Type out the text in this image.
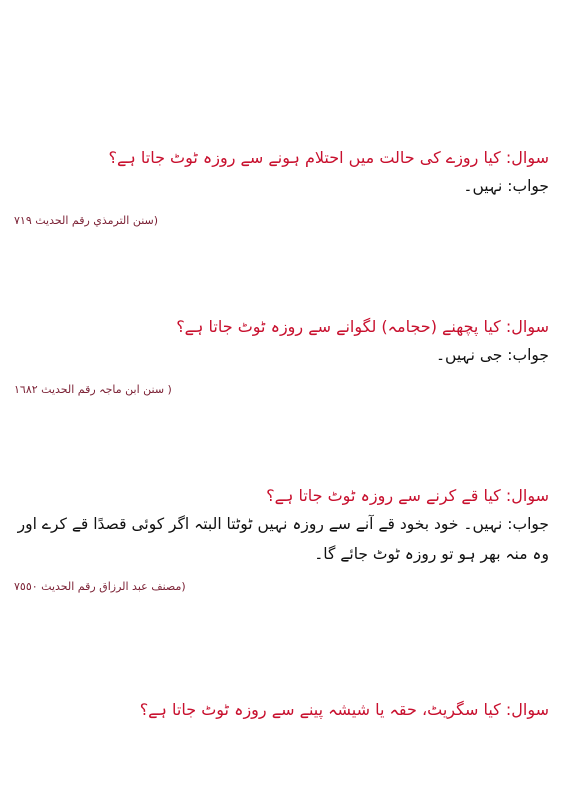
سوال: کیا روزے کی حالت میں احتلام ہونے سے روزہ ٹوٹ جاتا ہے؟

جواب: نہیں۔

(سنن الترمذي رقم الحديث ٧١٩

سوال: کیا پچھنے (حجامہ) لگوانے سے روزہ ٹوٹ جاتا ہے؟

جواب: جی نہیں۔

( سنن ابن ماجہ رقم الحديث ١٦٨٢

سوال: کیا قے کرنے سے روزہ ٹوٹ جاتا ہے؟

جواب: نہیں۔ خود بخود قے آنے سے روزہ نہیں ٹوٹتا البتہ اگر کوئی قصدًا قے کرے اور وہ منہ بھر ہو تو روزہ ٹوٹ جائے گا۔

(مصنف عبد الرزاق رقم الحديث ٧٥٥٠

سوال: کیا سگریٹ، حقہ یا شیشہ پینے سے روزہ ٹوٹ جاتا ہے؟
